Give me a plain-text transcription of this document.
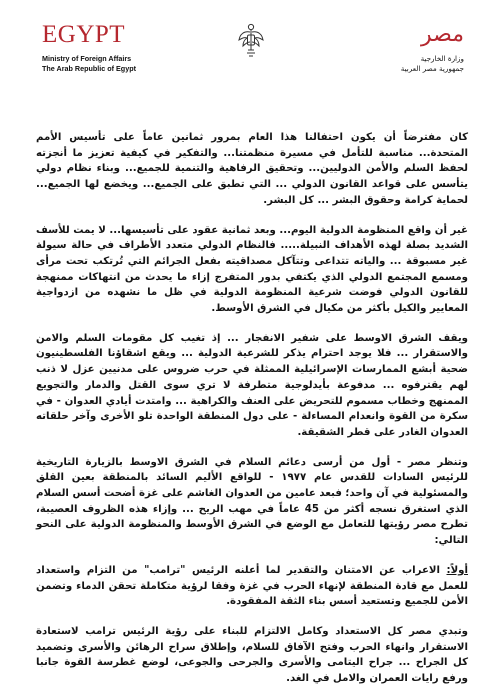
EGYPT
Ministry of Foreign Affairs
The Arab Republic of Egypt
مصر
وزارة الخارجية
جمهورية مصر العربية

كان مفترضاً أن يكون احتفالنا هذا العام بمرور ثمانين عاماً على تأسيس الأمم المتحدة... مناسبة للتأمل في مسيرة منظمتنا... والتفكير في كيفية تعزيز ما أنجزته لحفظ السلم والأمن الدوليين... وتحقيق الرفاهية والتنمية للجميع... وبناء نظام دولي يتأسس على قواعد القانون الدولي ... التي تطبق على الجميع... ويخضع لها الجميع... لحماية كرامة وحقوق البشر ... كل البشر.

غير أن واقع المنظومة الدولية اليوم... وبعد ثمانية عقود على تأسيسها... لا يمت للأسف الشديد بصلة لهذه الأهداف النبيلة..... فالنظام الدولي متعدد الأطراف في حالة سيولة غير مسبوقة ... والياته تتداعى وتتآكل مصداقيته بفعل الجرائم التي تُرتكب تحت مرأى ومسمع المجتمع الدولي الذي يكتفي بدور المتفرج إزاء ما يحدث من انتهاكات ممنهجة للقانون الدولي فوضت شرعية المنظومة الدولية في ظل ما نشهده من ازدواجية المعايير والكيل بأكثر من مكيال في الشرق الأوسط.

ويقف الشرق الاوسط على شفير الانفجار ... إذ تغيب كل مقومات السلم والامن والاستقرار ... فلا يوجد احترام يذكر للشرعية الدولية ... ويقع اشقاؤنا الفلسطينيون ضحية أبشع الممارسات الإسرائيلية الممثلة في حرب ضروس على مدنيين عزل لا ذنب لهم يقترفوه ... مدفوعة بأيدلوجية متطرفة لا تري سوى القتل والدمار والتجويع الممنهج وخطاب مسموم للتحريض على العنف والكراهية ... وامتدت أيادي العدوان - في سكرة من القوة وانعدام المساءلة - على دول المنطقة الواحدة تلو الأخرى وآخر حلقاته العدوان الغادر على قطر الشقيقة.

وتنظر مصر - أول من أرسى دعائم السلام في الشرق الاوسط بالزيارة التاريخية للرئيس السادات للقدس عام ١٩٧٧ - للواقع الأليم السائد بالمنطقة بعين القلق والمسئولية في آن واحد؛ فبعد عامين من العدوان الغاشم على غزة أضحت أسس السلام الذي استغرق نسجه أكثر من 45 عاماً في مهب الريح ... وإزاء هذه الظروف العصيبة، تطرح مصر رؤيتها للتعامل مع الوضع في الشرق الأوسط والمنظومة الدولية على النحو التالي:

أولاً: الاعراب عن الامتنان والتقدير لما أعلنه الرئيس "ترامب" من التزام واستعداد للعمل مع قادة المنطقة لإنهاء الحرب في غزة وفقا لرؤية متكاملة تحقن الدماء وتضمن الأمن للجميع وتستعيد أسس بناء الثقة المفقودة.

وتبدي مصر كل الاستعداد وكامل الالتزام للبناء على رؤية الرئيس ترامب لاستعادة الاستقرار وانهاء الحرب وفتح الآفاق للسلام، وإطلاق سراح الرهائن والأسرى وتضميد كل الجراح ... جراح اليتامى والأسرى والجرحى والجوعى، لوضع غطرسة القوة جانبا ورفع رايات العمران والامل في الغد.
